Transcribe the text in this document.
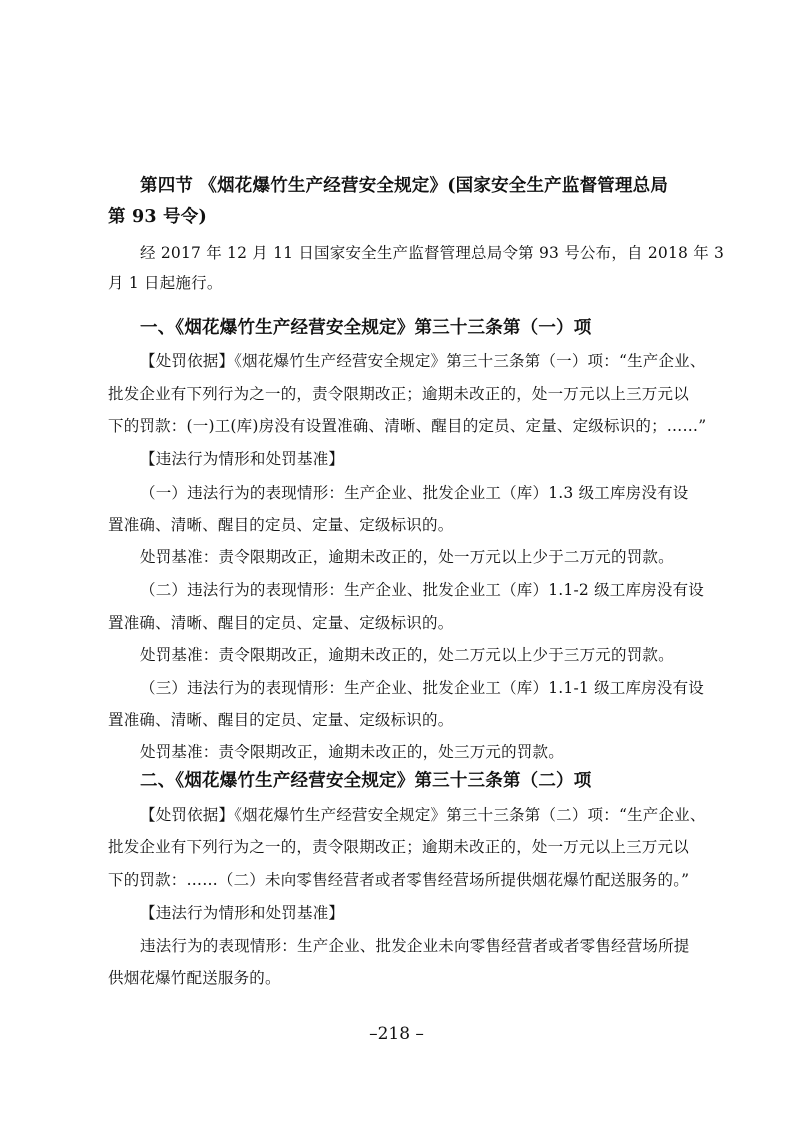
第四节 《烟花爆竹生产经营安全规定》(国家安全生产监督管理总局
第 93 号令)
经 2017 年 12 月 11 日国家安全生产监督管理总局令第 93 号公布，自 2018 年 3
月 1 日起施行。
一、《烟花爆竹生产经营安全规定》第三十三条第（一）项
【处罚依据】《烟花爆竹生产经营安全规定》第三十三条第（一）项：“生产企业、
批发企业有下列行为之一的，责令限期改正；逾期未改正的，处一万元以上三万元以
下的罚款：(一)工(库)房没有设置准确、清晰、醒目的定员、定量、定级标识的；……”
【违法行为情形和处罚基准】
（一）违法行为的表现情形：生产企业、批发企业工（库）1.3 级工库房没有设
置准确、清晰、醒目的定员、定量、定级标识的。
处罚基准：责令限期改正，逾期未改正的，处一万元以上少于二万元的罚款。
（二）违法行为的表现情形：生产企业、批发企业工（库）1.1-2 级工库房没有设
置准确、清晰、醒目的定员、定量、定级标识的。
处罚基准：责令限期改正，逾期未改正的，处二万元以上少于三万元的罚款。
（三）违法行为的表现情形：生产企业、批发企业工（库）1.1-1 级工库房没有设
置准确、清晰、醒目的定员、定量、定级标识的。
处罚基准：责令限期改正，逾期未改正的，处三万元的罚款。
二、《烟花爆竹生产经营安全规定》第三十三条第（二）项
【处罚依据】《烟花爆竹生产经营安全规定》第三十三条第（二）项：“生产企业、
批发企业有下列行为之一的，责令限期改正；逾期未改正的，处一万元以上三万元以
下的罚款：……（二）未向零售经营者或者零售经营场所提供烟花爆竹配送服务的。”
【违法行为情形和处罚基准】
违法行为的表现情形：生产企业、批发企业未向零售经营者或者零售经营场所提
供烟花爆竹配送服务的。
–218 –
